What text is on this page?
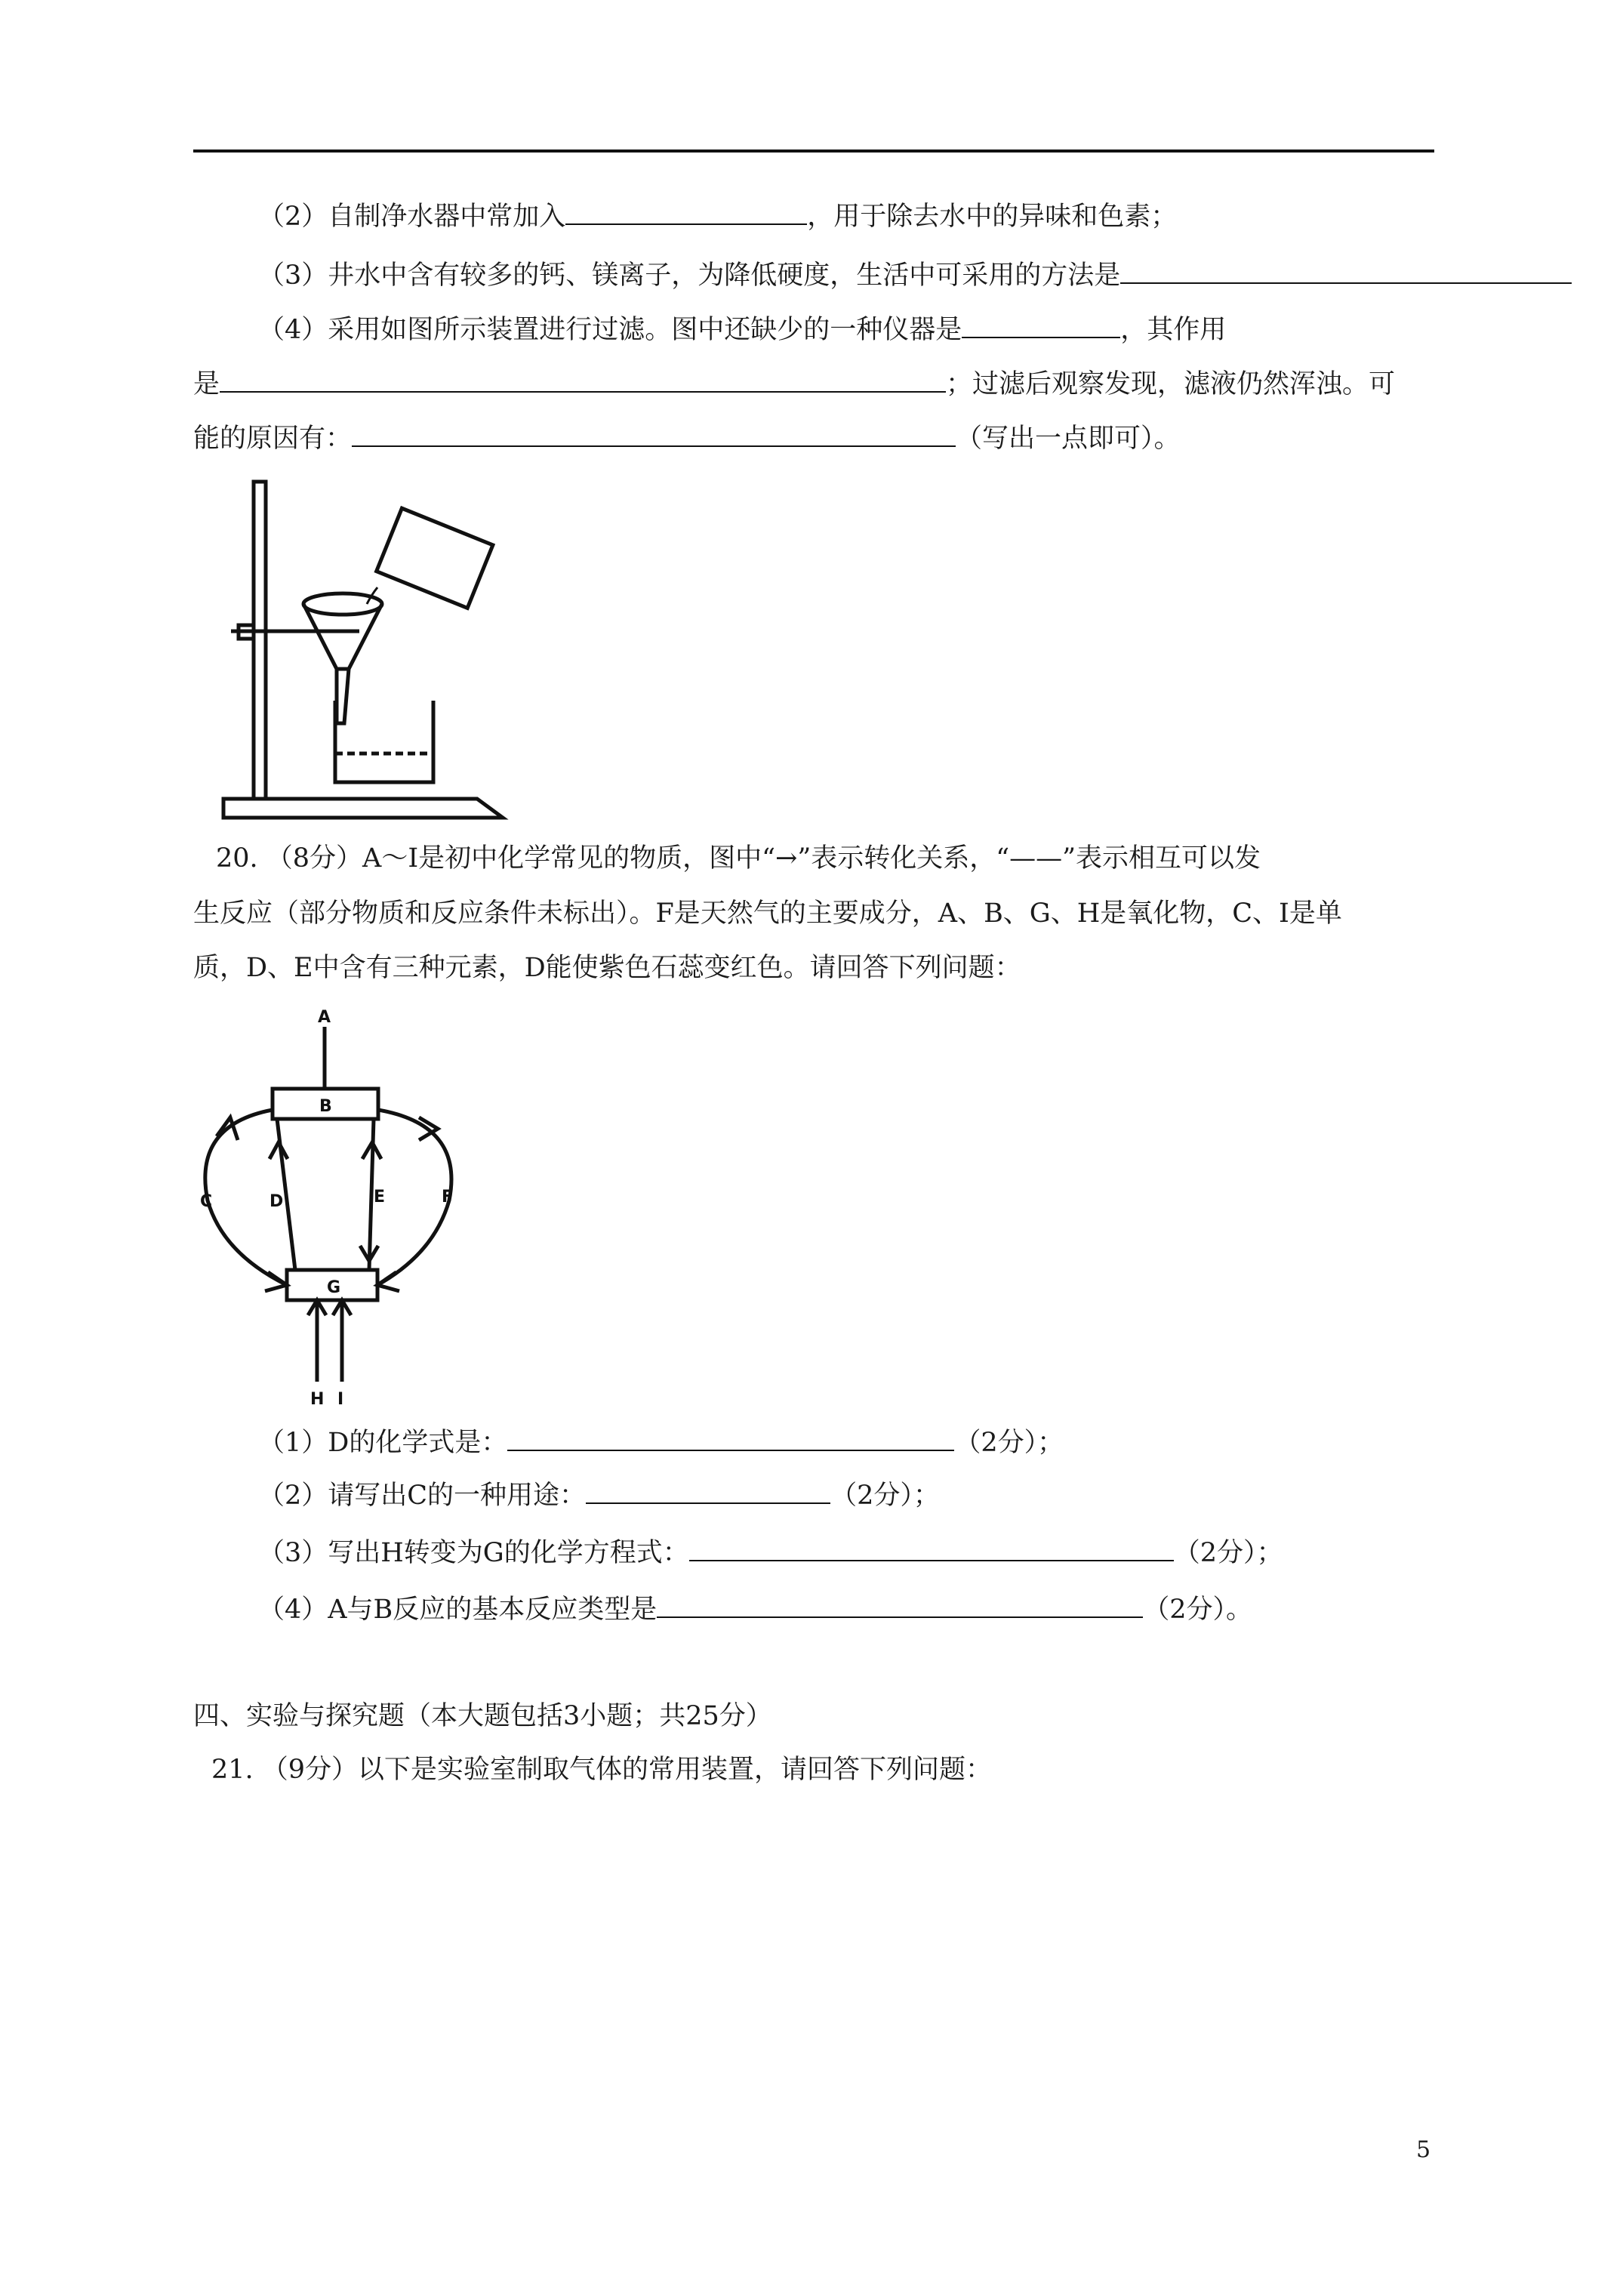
（2）自制净水器中常加入	，用于除去水中的异味和色素；
（3）井水中含有较多的钙、镁离子，为降低硬度，生活中可采用的方法是
（4）采用如图所示装置进行过滤。图中还缺少的一种仪器是	，其作用
是	；过滤后观察发现，滤液仍然浑浊。可
能的原因有：	（写出一点即可）。
20. （8分）A～I是初中化学常见的物质，图中“→”表示转化关系，“——”表示相互可以发
生反应（部分物质和反应条件未标出）。F是天然气的主要成分，A、B、G、H是氧化物，C、I是单
质，D、E中含有三种元素，D能使紫色石蕊变红色。请回答下列问题：
A
B
C	D	E	F
G
H I
（1）D的化学式是：	（2分）；
（2）请写出C的一种用途：	（2分）；
（3）写出H转变为G的化学方程式：	（2分）；
（4）A与B反应的基本反应类型是	（2分）。
四、实验与探究题（本大题包括3小题；共25分）
21. （9分）以下是实验室制取气体的常用装置，请回答下列问题：
5
